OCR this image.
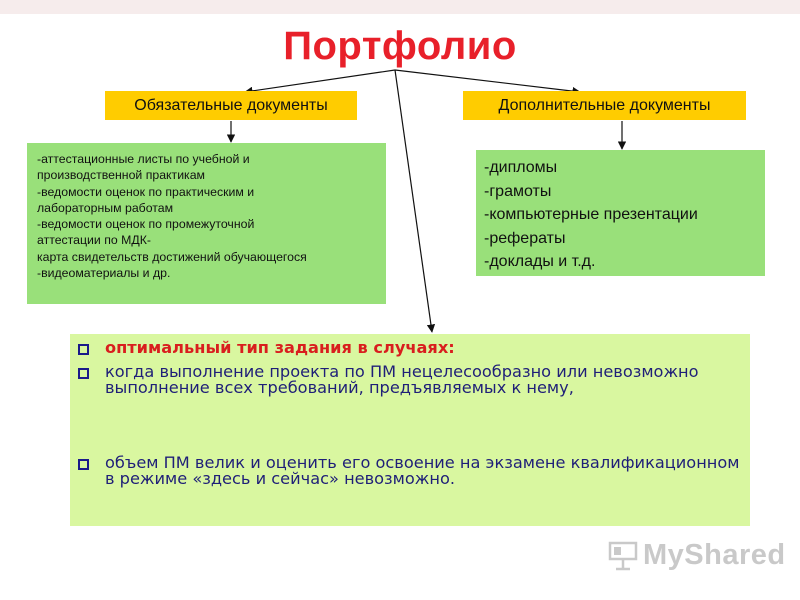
Портфолио
Обязательные документы	Дополнительные документы
-аттестационные листы по учебной и
производственной практикам
-ведомости оценок по практическим и
лабораторным работам
-ведомости оценок по промежуточной
аттестации по МДК-
карта свидетельств достижений обучающегося
-видеоматериалы и др.
-дипломы
-грамоты
-компьютерные презентации
-рефераты
-доклады и т.д.
оптимальный тип задания в случаях:
когда выполнение проекта по ПМ нецелесообразно или невозможно выполнение всех требований, предъявляемых к нему,
объем ПМ велик и оценить его освоение на экзамене квалификационном в режиме «здесь и сейчас» невозможно.
MyShared
